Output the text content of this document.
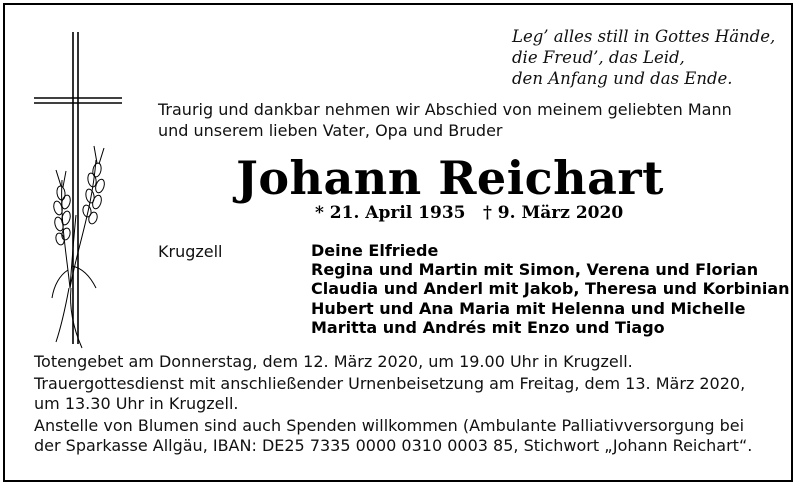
Leg’ alles still in Gottes Hände,
die Freud’, das Leid,
den Anfang und das Ende.
Traurig und dankbar nehmen wir Abschied von meinem geliebten Mann
und unserem lieben Vater, Opa und Bruder
Johann Reichart
* 21. April 1935 † 9. März 2020
Krugzell	Deine Elfriede
Regina und Martin mit Simon, Verena und Florian
Claudia und Anderl mit Jakob, Theresa und Korbinian
Hubert und Ana Maria mit Helenna und Michelle
Maritta und Andrés mit Enzo und Tiago

Totengebet am Donnerstag, dem 12. März 2020, um 19.00 Uhr in Krugzell.

Trauergottesdienst mit anschließender Urnenbeisetzung am Freitag, dem 13. März 2020, um 13.30 Uhr in Krugzell.

Anstelle von Blumen sind auch Spenden willkommen (Ambulante Palliativversorgung bei der Sparkasse Allgäu, IBAN: DE25 7335 0000 0310 0003 85, Stichwort „Johann Reichart“.
